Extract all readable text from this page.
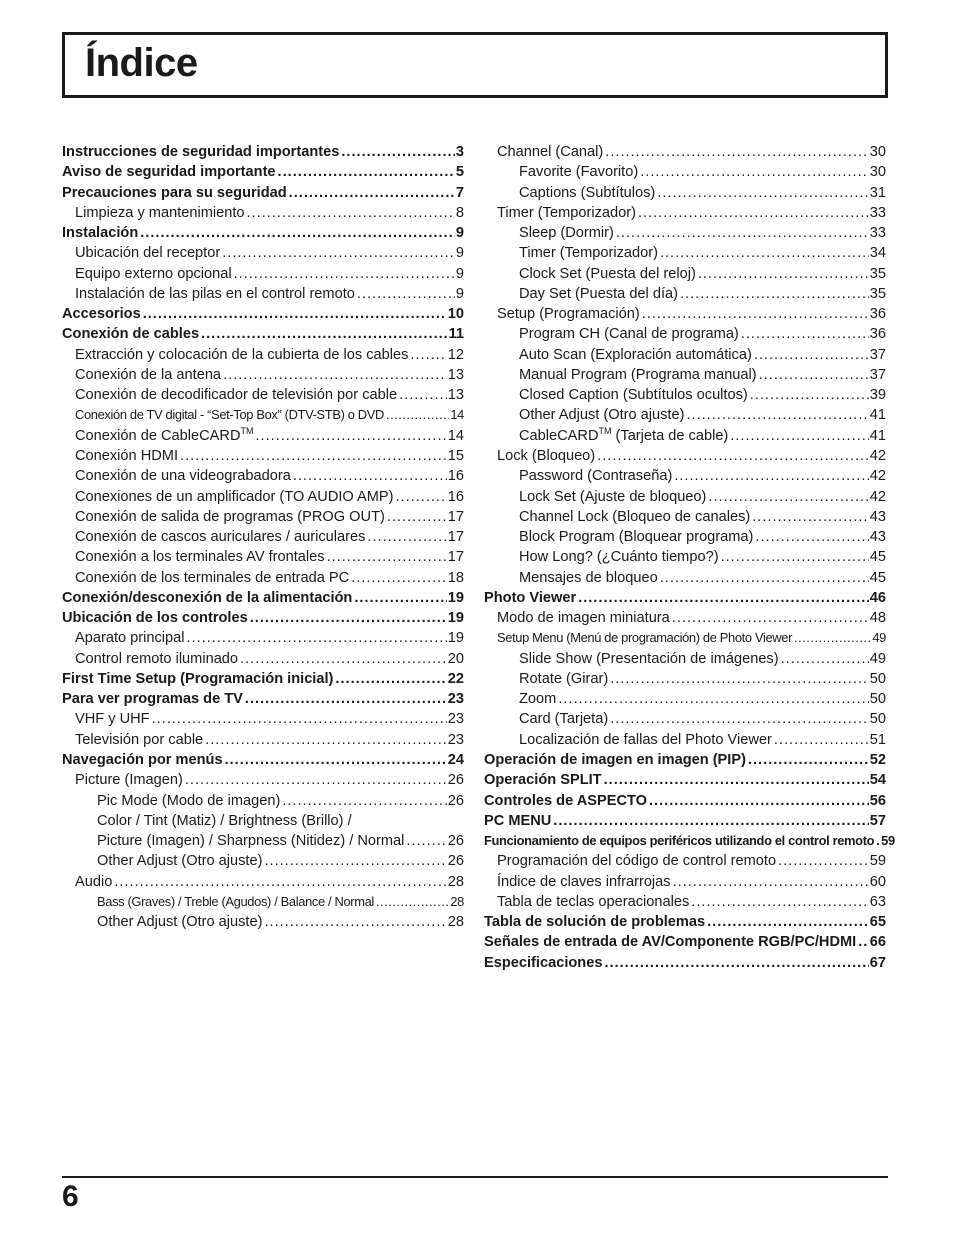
Índice
Instrucciones de seguridad importantes .....	3
Aviso de seguridad importante .....	5
Precauciones para su seguridad .....	7
Limpieza y mantenimiento .....	8
Instalación .....	9
Ubicación del receptor .....	9
Equipo externo opcional .....	9
Instalación de las pilas en el control remoto .....	9
Accesorios .....	10
Conexión de cables .....	11
Extracción y colocación de la cubierta de los cables .....	12
Conexión de la antena .....	13
Conexión de decodificador de televisión por cable .....	13
Conexión de TV digital - “Set-Top Box” (DTV-STB) o DVD .....	14
Conexión de CableCARD™ .....	14
Conexión HDMI .....	15
Conexión de una videograbadora .....	16
Conexiones de un amplificador (TO AUDIO AMP) .....	16
Conexión de salida de programas (PROG OUT) .....	17
Conexión de cascos auriculares / auriculares .....	17
Conexión a los terminales AV frontales .....	17
Conexión de los terminales de entrada PC .....	18
Conexión/desconexión de la alimentación .....	19
Ubicación de los controles .....	19
Aparato principal .....	19
Control remoto iluminado .....	20
First Time Setup (Programación inicial) .....	22
Para ver programas de TV .....	23
VHF y UHF .....	23
Televisión por cable .....	23
Navegación por menús .....	24
Picture (Imagen) .....	26
Pic Mode (Modo de imagen) .....	26
Color / Tint (Matiz) / Brightness (Brillo) /
Picture (Imagen) / Sharpness (Nitidez) / Normal .....	26
Other Adjust (Otro ajuste) .....	26
Audio .....	28
Bass (Graves) / Treble (Agudos) / Balance / Normal .....	28
Other Adjust (Otro ajuste) .....	28
Channel (Canal) .....	30
Favorite (Favorito) .....	30
Captions (Subtítulos) .....	31
Timer (Temporizador) .....	33
Sleep (Dormir) .....	33
Timer (Temporizador) .....	34
Clock Set (Puesta del reloj) .....	35
Day Set (Puesta del día) .....	35
Setup (Programación) .....	36
Program CH (Canal de programa) .....	36
Auto Scan (Exploración automática) .....	37
Manual Program (Programa manual) .....	37
Closed Caption (Subtítulos ocultos) .....	39
Other Adjust (Otro ajuste) .....	41
CableCARD™ (Tarjeta de cable) .....	41
Lock (Bloqueo) .....	42
Password (Contraseña) .....	42
Lock Set (Ajuste de bloqueo) .....	42
Channel Lock (Bloqueo de canales) .....	43
Block Program (Bloquear programa) .....	43
How Long? (¿Cuánto tiempo?) .....	45
Mensajes de bloqueo .....	45
Photo Viewer .....	46
Modo de imagen miniatura .....	48
Setup Menu (Menú de programación) de Photo Viewer .....	49
Slide Show (Presentación de imágenes) .....	49
Rotate (Girar) .....	50
Zoom .....	50
Card (Tarjeta) .....	50
Localización de fallas del Photo Viewer .....	51
Operación de imagen en imagen (PIP) .....	52
Operación SPLIT .....	54
Controles de ASPECTO .....	56
PC MENU .....	57
Funcionamiento de equipos periféricos utilizando el control remoto ..... 59
Programación del código de control remoto .....	59
Índice de claves infrarrojas .....	60
Tabla de teclas operacionales .....	63
Tabla de solución de problemas .....	65
Señales de entrada de AV/Componente RGB/PC/HDMI ..... 66
Especificaciones .....	67
6
